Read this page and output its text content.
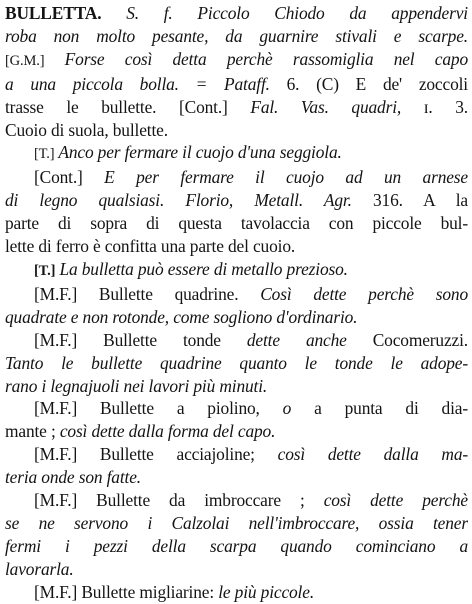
BULLETTA. S. f. Piccolo Chiodo da appendervi
roba non molto pesante, da guarnire stivali e scarpe.
[G.M.] Forse così detta perchè rassomiglia nel capo
a una piccola bolla. = Pataff. 6. (C) E de' zoccoli
trasse le bullette. [Cont.] Fal. Vas. quadri, ɪ. 3.
Cuoio di suola, bullette.
[T.] Anco per fermare il cuojo d'una seggiola.
[Cont.] E per fermare il cuojo ad un arnese
di legno qualsiasi. Florio, Metall. Agr. 316. A la
parte di sopra di questa tavolaccia con piccole bul-
lette di ferro è confitta una parte del cuoio.
[T.] La bulletta può essere di metallo prezioso.
[M.F.] Bullette quadrine. Così dette perchè sono
quadrate e non rotonde, come sogliono d'ordinario.
[M.F.] Bullette tonde dette anche Cocomeruzzi.
Tanto le bullette quadrine quanto le tonde le adope-
rano i legnajuoli nei lavori più minuti.
[M.F.] Bullette a piolino, o a punta di dia-
mante ; così dette dalla forma del capo.
[M.F.] Bullette acciajoline; così dette dalla ma-
teria onde son fatte.
[M.F.] Bullette da imbroccare ; così dette perchè
se ne servono i Calzolai nell'imbroccare, ossia tener
fermi i pezzi della scarpa quando cominciano a
lavorarla.
[M.F.] Bullette migliarine: le più piccole.
